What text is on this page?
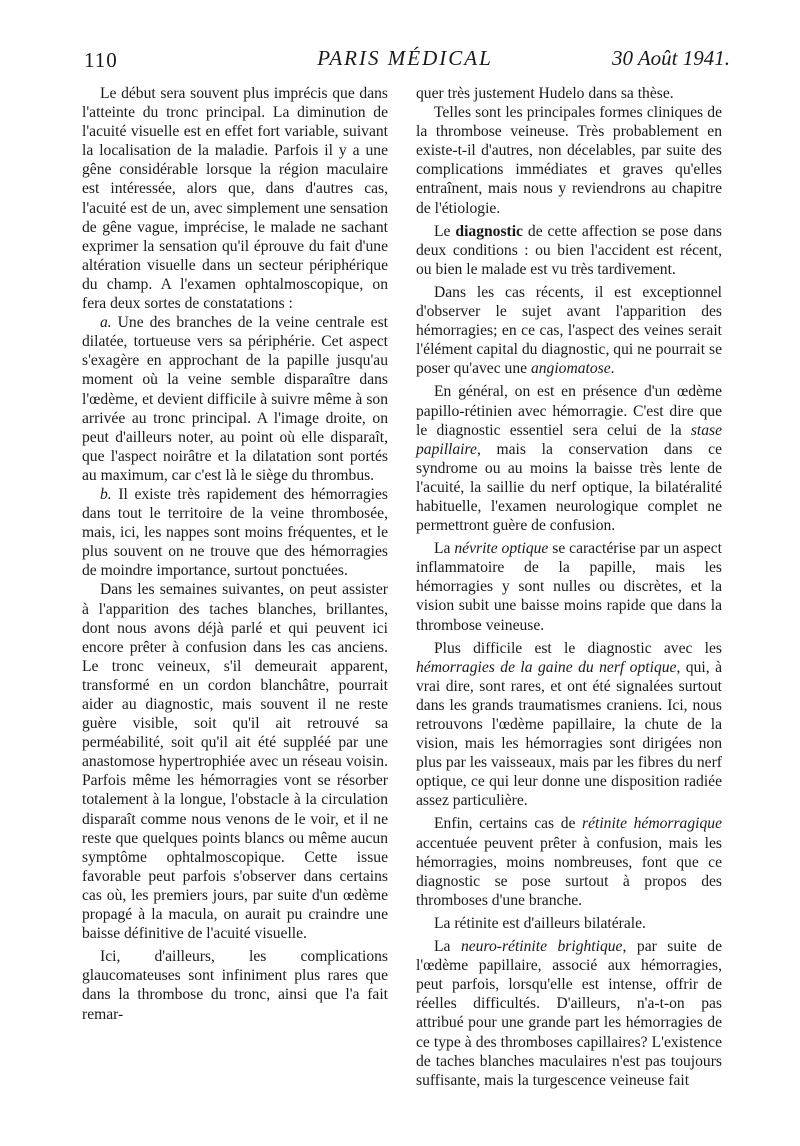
110	PARIS MÉDICAL	30 Août 1941.

Le début sera souvent plus imprécis que dans l'atteinte du tronc principal. La diminution de l'acuité visuelle est en effet fort variable, suivant la localisation de la maladie. Parfois il y a une gêne considérable lorsque la région maculaire est intéressée, alors que, dans d'autres cas, l'acuité est de un, avec simplement une sensation de gêne vague, imprécise, le malade ne sachant exprimer la sensation qu'il éprouve du fait d'une altération visuelle dans un secteur périphérique du champ. A l'examen ophtalmoscopique, on fera deux sortes de constatations :

a. Une des branches de la veine centrale est dilatée, tortueuse vers sa périphérie. Cet aspect s'exagère en approchant de la papille jusqu'au moment où la veine semble disparaître dans l'œdème, et devient difficile à suivre même à son arrivée au tronc principal. A l'image droite, on peut d'ailleurs noter, au point où elle disparaît, que l'aspect noirâtre et la dilatation sont portés au maximum, car c'est là le siège du thrombus.

b. Il existe très rapidement des hémorragies dans tout le territoire de la veine thrombosée, mais, ici, les nappes sont moins fréquentes, et le plus souvent on ne trouve que des hémorragies de moindre importance, surtout ponctuées.

Dans les semaines suivantes, on peut assister à l'apparition des taches blanches, brillantes, dont nous avons déjà parlé et qui peuvent ici encore prêter à confusion dans les cas anciens. Le tronc veineux, s'il demeurait apparent, transformé en un cordon blanchâtre, pourrait aider au diagnostic, mais souvent il ne reste guère visible, soit qu'il ait retrouvé sa perméabilité, soit qu'il ait été suppléé par une anastomose hypertrophiée avec un réseau voisin. Parfois même les hémorragies vont se résorber totalement à la longue, l'obstacle à la circulation disparaît comme nous venons de le voir, et il ne reste que quelques points blancs ou même aucun symptôme ophtalmoscopique. Cette issue favorable peut parfois s'observer dans certains cas où, les premiers jours, par suite d'un œdème propagé à la macula, on aurait pu craindre une baisse définitive de l'acuité visuelle.

Ici, d'ailleurs, les complications glaucomateuses sont infiniment plus rares que dans la thrombose du tronc, ainsi que l'a fait remar-

quer très justement Hudelo dans sa thèse.

Telles sont les principales formes cliniques de la thrombose veineuse. Très probablement en existe-t-il d'autres, non décelables, par suite des complications immédiates et graves qu'elles entraînent, mais nous y reviendrons au chapitre de l'étiologie.

Le diagnostic de cette affection se pose dans deux conditions : ou bien l'accident est récent, ou bien le malade est vu très tardivement.

Dans les cas récents, il est exceptionnel d'observer le sujet avant l'apparition des hémorragies; en ce cas, l'aspect des veines serait l'élément capital du diagnostic, qui ne pourrait se poser qu'avec une angiomatose.

En général, on est en présence d'un œdème papillo-rétinien avec hémorragie. C'est dire que le diagnostic essentiel sera celui de la stase papillaire, mais la conservation dans ce syndrome ou au moins la baisse très lente de l'acuité, la saillie du nerf optique, la bilatéralité habituelle, l'examen neurologique complet ne permettront guère de confusion.

La névrite optique se caractérise par un aspect inflammatoire de la papille, mais les hémorragies y sont nulles ou discrètes, et la vision subit une baisse moins rapide que dans la thrombose veineuse.

Plus difficile est le diagnostic avec les hémorragies de la gaine du nerf optique, qui, à vrai dire, sont rares, et ont été signalées surtout dans les grands traumatismes craniens. Ici, nous retrouvons l'œdème papillaire, la chute de la vision, mais les hémorragies sont dirigées non plus par les vaisseaux, mais par les fibres du nerf optique, ce qui leur donne une disposition radiée assez particulière.

Enfin, certains cas de rétinite hémorragique accentuée peuvent prêter à confusion, mais les hémorragies, moins nombreuses, font que ce diagnostic se pose surtout à propos des thromboses d'une branche.

La rétinite est d'ailleurs bilatérale.

La neuro-rétinite brightique, par suite de l'œdème papillaire, associé aux hémorragies, peut parfois, lorsqu'elle est intense, offrir de réelles difficultés. D'ailleurs, n'a-t-on pas attribué pour une grande part les hémorragies de ce type à des thromboses capillaires? L'existence de taches blanches maculaires n'est pas toujours suffisante, mais la turgescence veineuse fait
